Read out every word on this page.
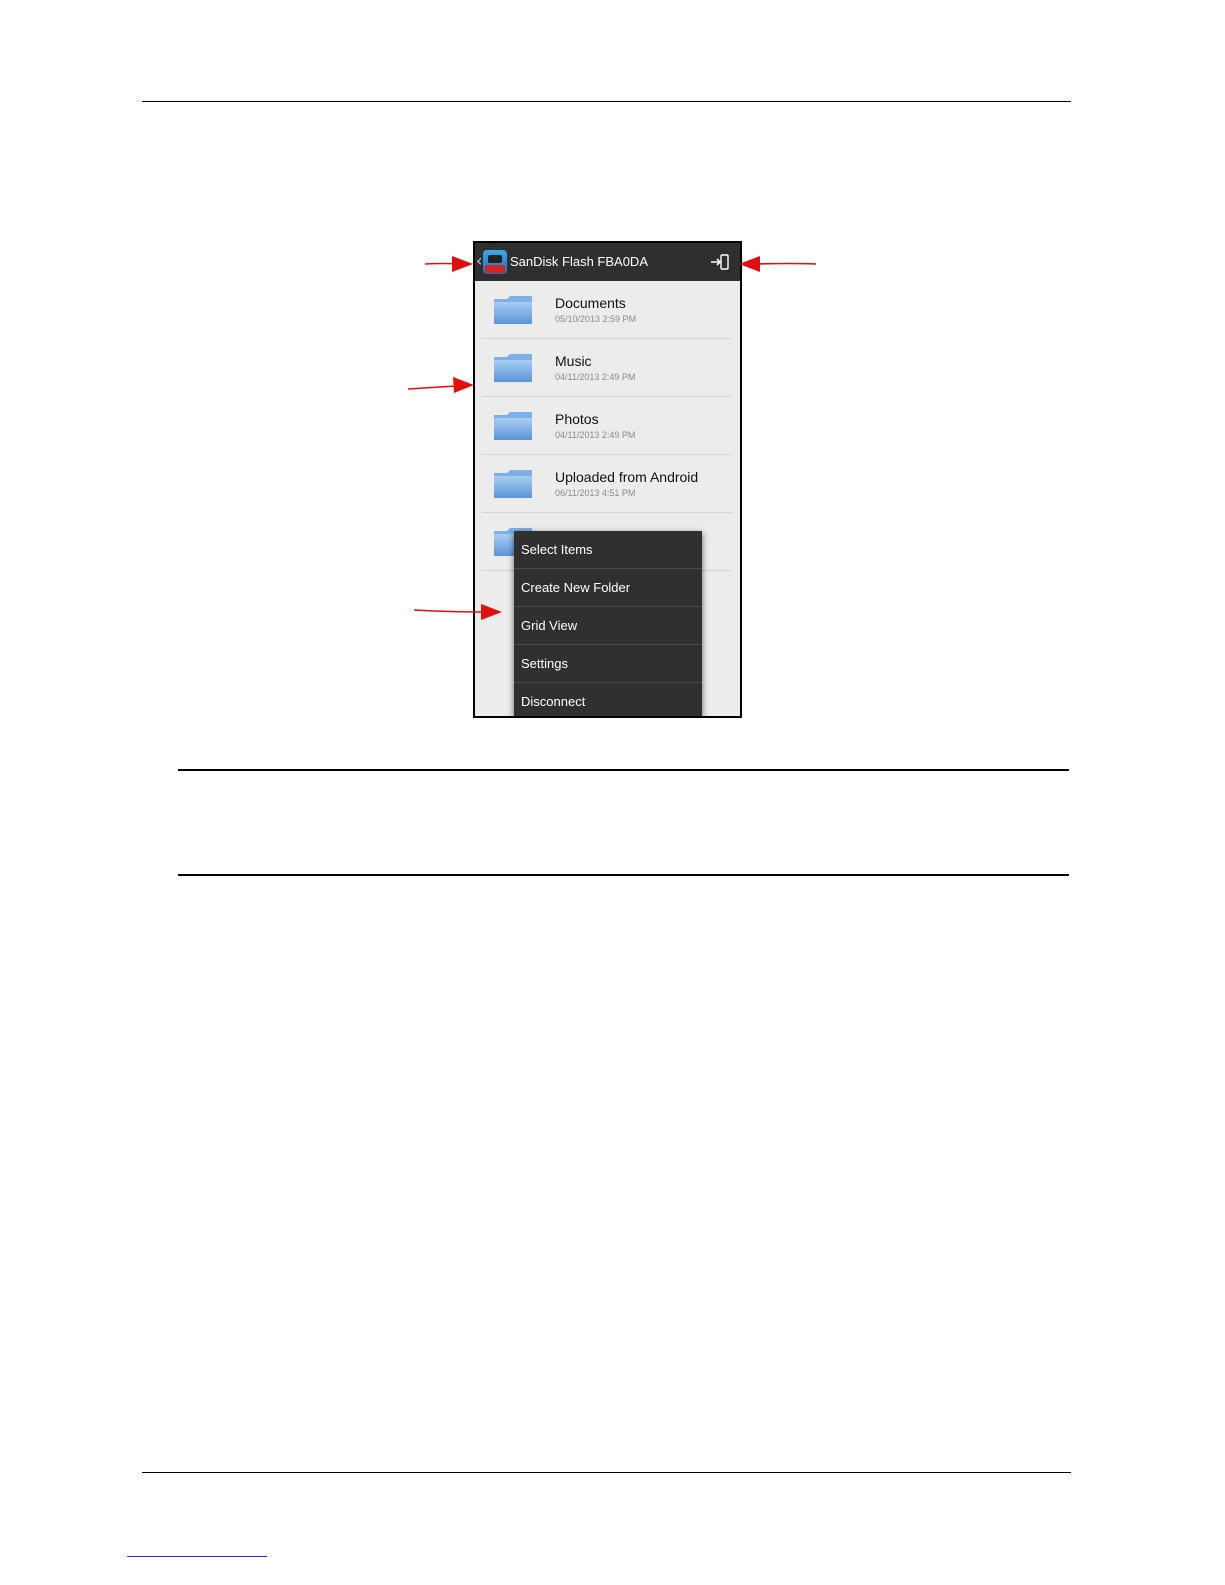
‹ SanDisk Flash FBA0DA
Documents
05/10/2013 2:59 PM
Music
04/11/2013 2:49 PM
Photos
04/11/2013 2:49 PM
Uploaded from Android
06/11/2013 4:51 PM
Select Items
Create New Folder
Grid View
Settings
Disconnect
